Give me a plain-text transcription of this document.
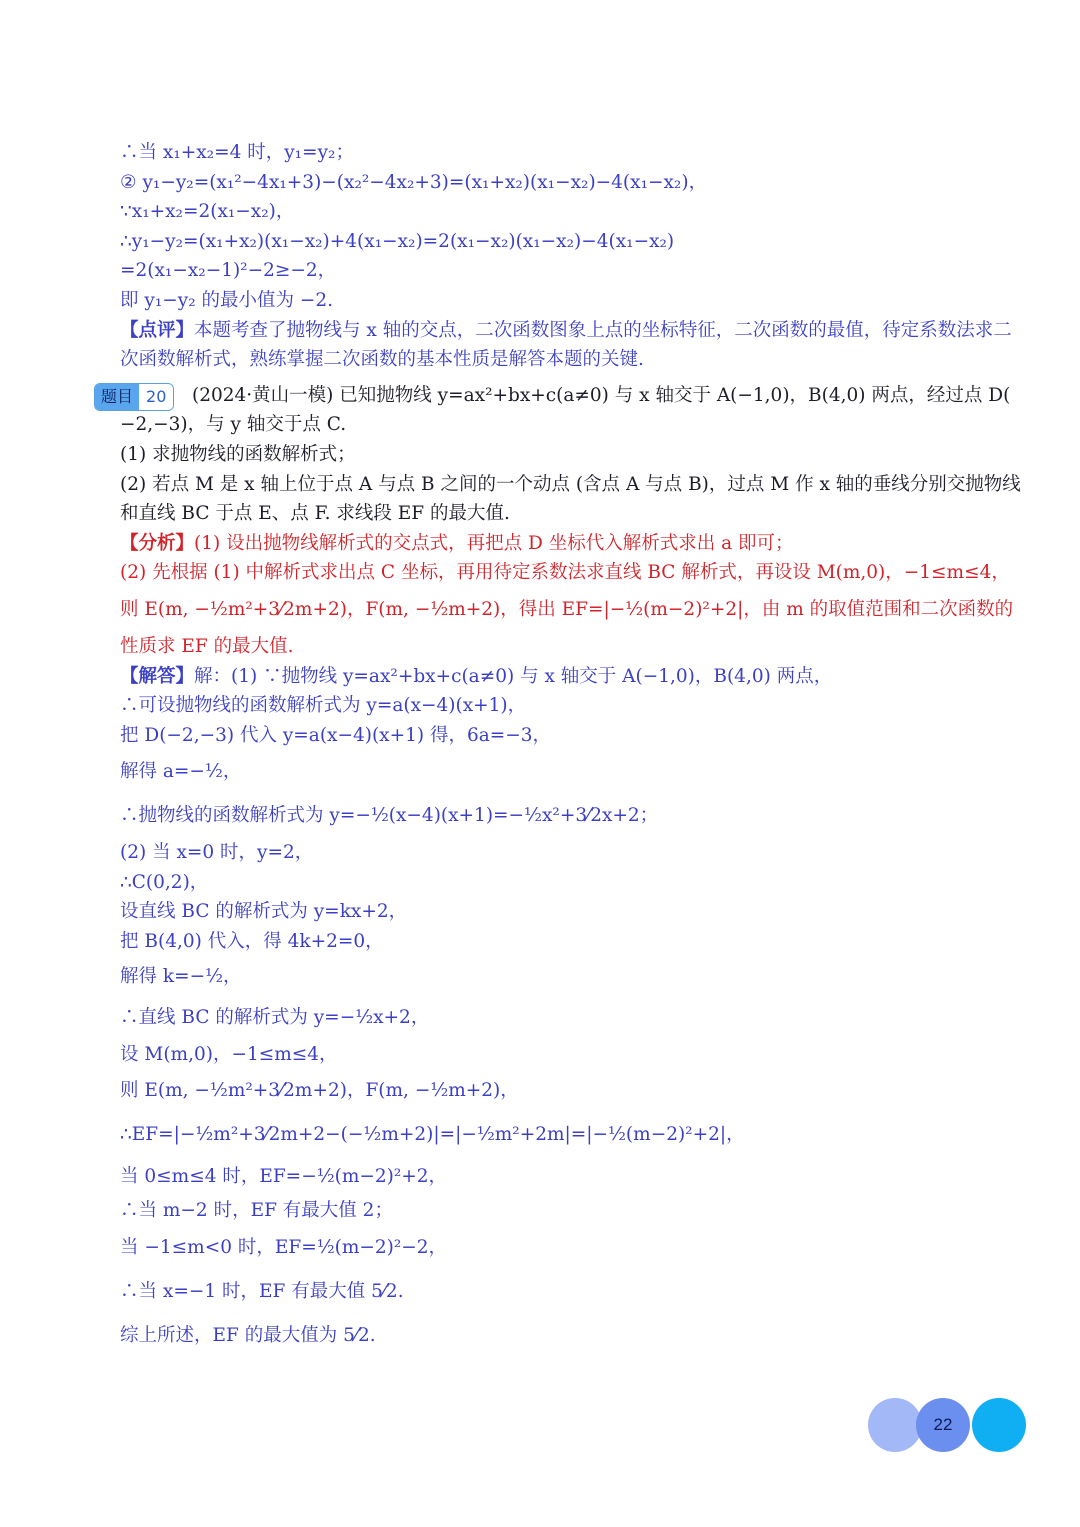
∴当 x₁+x₂=4 时，y₁=y₂；
② y₁−y₂=(x₁²−4x₁+3)−(x₂²−4x₂+3)=(x₁+x₂)(x₁−x₂)−4(x₁−x₂)，
∵x₁+x₂=2(x₁−x₂)，
∴y₁−y₂=(x₁+x₂)(x₁−x₂)+4(x₁−x₂)=2(x₁−x₂)(x₁−x₂)−4(x₁−x₂)
=2(x₁−x₂−1)²−2≥−2，
即 y₁−y₂ 的最小值为 −2.
【点评】本题考查了抛物线与 x 轴的交点，二次函数图象上点的坐标特征，二次函数的最值，待定系数法求二
次函数解析式，熟练掌握二次函数的基本性质是解答本题的关键.
题目 20	(2024·黄山一模) 已知抛物线 y=ax²+bx+c(a≠0) 与 x 轴交于 A(−1,0)，B(4,0) 两点，经过点 D(
−2,−3)，与 y 轴交于点 C.
(1) 求抛物线的函数解析式；
(2) 若点 M 是 x 轴上位于点 A 与点 B 之间的一个动点 (含点 A 与点 B)，过点 M 作 x 轴的垂线分别交抛物线
和直线 BC 于点 E、点 F. 求线段 EF 的最大值.
【分析】(1) 设出抛物线解析式的交点式，再把点 D 坐标代入解析式求出 a 即可；
(2) 先根据 (1) 中解析式求出点 C 坐标，再用待定系数法求直线 BC 解析式，再设设 M(m,0)，−1≤m≤4，
则 E(m, −½m²+3⁄2m+2)，F(m, −½m+2)，得出 EF=|−½(m−2)²+2|，由 m 的取值范围和二次函数的
性质求 EF 的最大值.
【解答】解：(1) ∵抛物线 y=ax²+bx+c(a≠0) 与 x 轴交于 A(−1,0)，B(4,0) 两点，
∴可设抛物线的函数解析式为 y=a(x−4)(x+1)，
把 D(−2,−3) 代入 y=a(x−4)(x+1) 得，6a=−3，
解得 a=−½，
∴抛物线的函数解析式为 y=−½(x−4)(x+1)=−½x²+3⁄2x+2；
(2) 当 x=0 时，y=2，
∴C(0,2)，
设直线 BC 的解析式为 y=kx+2，
把 B(4,0) 代入，得 4k+2=0，
解得 k=−½，
∴直线 BC 的解析式为 y=−½x+2，
设 M(m,0)，−1≤m≤4，
则 E(m, −½m²+3⁄2m+2)，F(m, −½m+2)，
∴EF=|−½m²+3⁄2m+2−(−½m+2)|=|−½m²+2m|=|−½(m−2)²+2|，
当 0≤m≤4 时，EF=−½(m−2)²+2，
∴当 m−2 时，EF 有最大值 2；
当 −1≤m<0 时，EF=½(m−2)²−2，
∴当 x=−1 时，EF 有最大值 5⁄2.
综上所述，EF 的最大值为 5⁄2.
22
